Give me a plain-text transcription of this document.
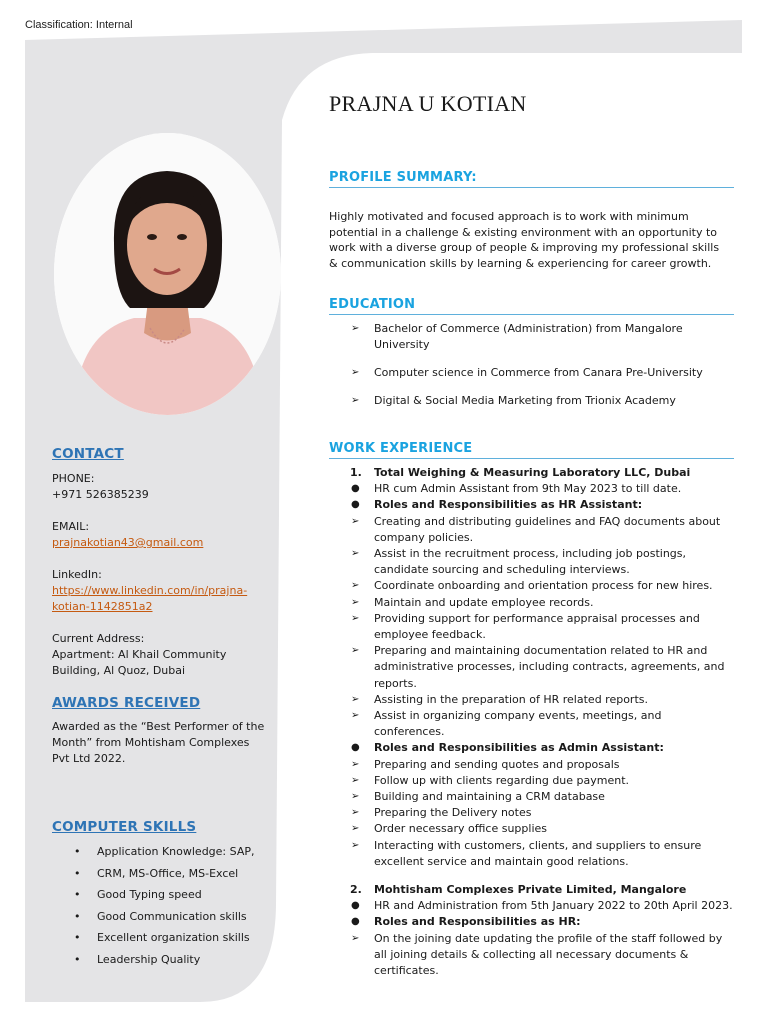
Classification: Internal
CONTACT
PHONE:
+971 526385239
EMAIL:
prajnakotian43@gmail.com
LinkedIn:
https://www.linkedin.com/in/prajna-
kotian-1142851a2
Current Address:
Apartment: Al Khail Community
Building, Al Quoz, Dubai
AWARDS RECEIVED
Awarded as the “Best Performer of the
Month” from Mohtisham Complexes
Pvt Ltd 2022.
COMPUTER SKILLS
• Application Knowledge: SAP,
• CRM, MS-Office, MS-Excel
• Good Typing speed
• Good Communication skills
• Excellent organization skills
• Leadership Quality
PRAJNA U KOTIAN
PROFILE SUMMARY:
Highly motivated and focused approach is to work with minimum potential in a challenge & existing environment with an opportunity to work with a diverse group of people & improving my professional skills & communication skills by learning & experiencing for career growth.
EDUCATION
➢ Bachelor of Commerce (Administration) from Mangalore University
➢ Computer science in Commerce from Canara Pre-University
➢ Digital & Social Media Marketing from Trionix Academy
WORK EXPERIENCE
1. Total Weighing & Measuring Laboratory LLC, Dubai
● HR cum Admin Assistant from 9th May 2023 to till date.
● Roles and Responsibilities as HR Assistant:
➢ Creating and distributing guidelines and FAQ documents about company policies.
➢ Assist in the recruitment process, including job postings, candidate sourcing and scheduling interviews.
➢ Coordinate onboarding and orientation process for new hires.
➢ Maintain and update employee records.
➢ Providing support for performance appraisal processes and employee feedback.
➢ Preparing and maintaining documentation related to HR and administrative processes, including contracts, agreements, and reports.
➢ Assisting in the preparation of HR related reports.
➢ Assist in organizing company events, meetings, and conferences.
● Roles and Responsibilities as Admin Assistant:
➢ Preparing and sending quotes and proposals
➢ Follow up with clients regarding due payment.
➢ Building and maintaining a CRM database
➢ Preparing the Delivery notes
➢ Order necessary office supplies
➢ Interacting with customers, clients, and suppliers to ensure excellent service and maintain good relations.
2. Mohtisham Complexes Private Limited, Mangalore
● HR and Administration from 5th January 2022 to 20th April 2023.
● Roles and Responsibilities as HR:
➢ On the joining date updating the profile of the staff followed by all joining details & collecting all necessary documents & certificates.
